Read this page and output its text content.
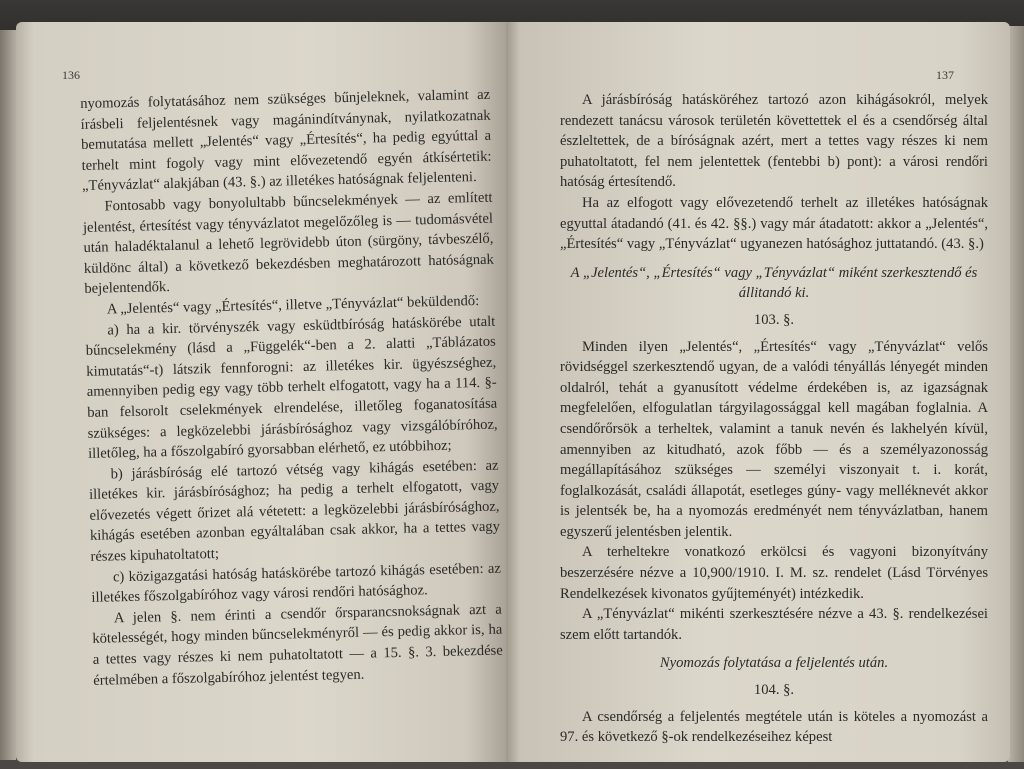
136

nyomozás folytatásához nem szükséges bűnjeleknek, valamint az írásbeli feljelentésnek vagy magánindítványnak, nyilatkozatnak bemutatása mellett „Jelentés“ vagy „Értesítés“, ha pedig egyúttal a terhelt mint fogoly vagy mint elővezetendő egyén átkísértetik: „Tényvázlat“ alakjában (43. §.) az illetékes hatóságnak feljelenteni.

Fontosabb vagy bonyolultabb bűncselekmények — az említett jelentést, értesítést vagy tényvázlatot megelőzőleg is — tudomásvétel után haladéktalanul a lehető legrövidebb úton (sürgöny, távbeszélő, küldönc által) a következő bekezdésben meghatározott hatóságnak bejelentendők.

A „Jelentés“ vagy „Értesítés“, illetve „Tényvázlat“ beküldendő:

a) ha a kir. törvényszék vagy esküdtbíróság hatáskörébe utalt bűncselekmény (lásd a „Függelék“-ben a 2. alatti „Táblázatos kimutatás“-t) látszik fennforogni: az illetékes kir. ügyészséghez, amennyiben pedig egy vagy több terhelt elfogatott, vagy ha a 114. §-ban felsorolt cselekmények elrendelése, illetőleg foganatosítása szükséges: a legközelebbi járásbírósághoz vagy vizsgálóbíróhoz, illetőleg, ha a főszolgabíró gyorsabban elérhető, ez utóbbihoz;

b) járásbíróság elé tartozó vétség vagy kihágás esetében: az illetékes kir. járásbírósághoz; ha pedig a terhelt elfogatott, vagy elővezetés végett őrizet alá vétetett: a legközelebbi járásbírósághoz, kihágás esetében azonban egyáltalában csak akkor, ha a tettes vagy részes kipuhatoltatott;

c) közigazgatási hatóság hatáskörébe tartozó kihágás esetében: az illetékes főszolgabíróhoz vagy városi rendőri hatósághoz.

A jelen §. nem érinti a csendőr őrsparancsnokságnak azt a kötelességét, hogy minden bűncselekményről — és pedig akkor is, ha a tettes vagy részes ki nem puhatoltatott — a 15. §. 3. bekezdése értelmében a főszolgabíróhoz jelentést tegyen.

137

A járásbíróság hatásköréhez tartozó azon kihágásokról, melyek rendezett tanácsu városok területén követtettek el és a csendőrség által észleltettek, de a bíróságnak azért, mert a tettes vagy részes ki nem puhatoltatott, fel nem jelentettek (fentebbi b) pont): a városi rendőri hatóság értesítendő.

Ha az elfogott vagy elővezetendő terhelt az illetékes hatóságnak egyuttal átadandó (41. és 42. §§.) vagy már átadatott: akkor a „Jelentés“, „Értesítés“ vagy „Tényvázlat“ ugyanezen hatósághoz juttatandó. (43. §.)

A „Jelentés“, „Értesítés“ vagy „Tényvázlat“ miként szerkesztendő és állitandó ki.

103. §.

Minden ilyen „Jelentés“, „Értesítés“ vagy „Tényvázlat“ velős rövidséggel szerkesztendő ugyan, de a valódi tényállás lényegét minden oldalról, tehát a gyanusított védelme érdekében is, az igazságnak megfelelően, elfogulatlan tárgyilagossággal kell magában foglalnia. A csendőrőrsök a terheltek, valamint a tanuk nevén és lakhelyén kívül, amennyiben az kitudható, azok főbb — és a személyazonosság megállapításához szükséges — személyi viszonyait t. i. korát, foglalkozását, családi állapotát, esetleges gúny- vagy melléknevét akkor is jelentsék be, ha a nyomozás eredményét nem tényvázlatban, hanem egyszerű jelentésben jelentik.

A terheltekre vonatkozó erkölcsi és vagyoni bizonyítvány beszerzésére nézve a 10,900/1910. I. M. sz. rendelet (Lásd Törvényes Rendelkezések kivonatos gyűjteményét) intézkedik.

A „Tényvázlat“ mikénti szerkesztésére nézve a 43. §. rendelkezései szem előtt tartandók.

Nyomozás folytatása a feljelentés után.

104. §.

A csendőrség a feljelentés megtétele után is köteles a nyomozást a 97. és következő §-ok rendelkezéseihez képest
